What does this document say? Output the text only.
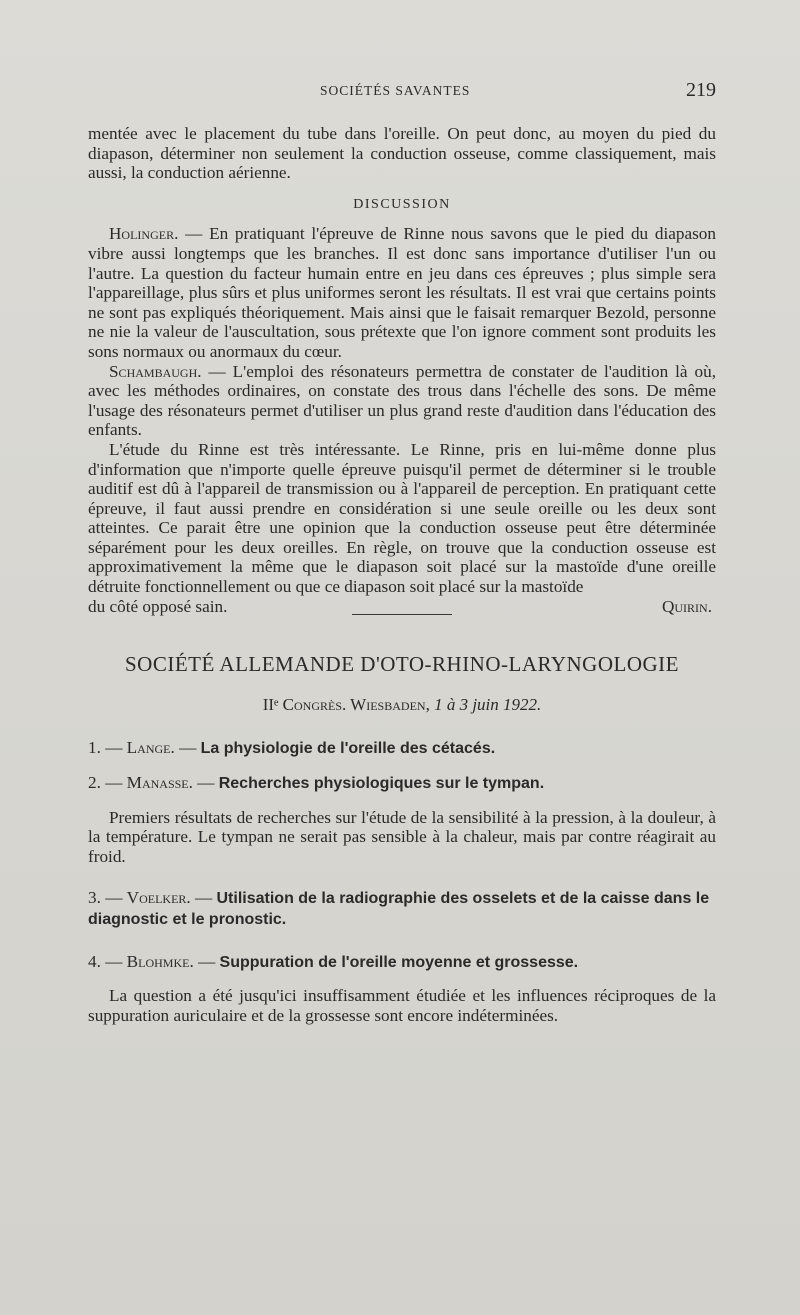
SOCIÉTÉS SAVANTES	219

mentée avec le placement du tube dans l'oreille. On peut donc, au moyen du pied du diapason, déterminer non seulement la conduction osseuse, comme classiquement, mais aussi, la conduction aérienne.

DISCUSSION

Holinger. — En pratiquant l'épreuve de Rinne nous savons que le pied du diapason vibre aussi longtemps que les branches. Il est donc sans importance d'utiliser l'un ou l'autre. La question du facteur humain entre en jeu dans ces épreuves ; plus simple sera l'appareillage, plus sûrs et plus uniformes seront les résultats. Il est vrai que certains points ne sont pas expliqués théoriquement. Mais ainsi que le faisait remarquer Bezold, personne ne nie la valeur de l'auscultation, sous prétexte que l'on ignore comment sont produits les sons normaux ou anormaux du cœur.

Schambaugh. — L'emploi des résonateurs permettra de constater de l'audition là où, avec les méthodes ordinaires, on constate des trous dans l'échelle des sons. De même l'usage des résonateurs permet d'utiliser un plus grand reste d'audition dans l'éducation des enfants.

L'étude du Rinne est très intéressante. Le Rinne, pris en lui-même donne plus d'information que n'importe quelle épreuve puisqu'il permet de déterminer si le trouble auditif est dû à l'appareil de transmission ou à l'appareil de perception. En pratiquant cette épreuve, il faut aussi prendre en considération si une seule oreille ou les deux sont atteintes. Ce parait être une opinion que la conduction osseuse peut être déterminée séparément pour les deux oreilles. En règle, on trouve que la conduction osseuse est approximativement la même que le diapason soit placé sur la mastoïde d'une oreille détruite fonctionnellement ou que ce diapason soit placé sur la mastoïde

du côté opposé sain.	Quirin.

SOCIÉTÉ ALLEMANDE D'OTO-RHINO-LARYNGOLOGIE

IIᵉ Congrès. Wiesbaden, 1 à 3 juin 1922.

1. — Lange. — La physiologie de l'oreille des cétacés.

2. — Manasse. — Recherches physiologiques sur le tympan.

Premiers résultats de recherches sur l'étude de la sensibilité à la pression, à la douleur, à la température. Le tympan ne serait pas sensible à la chaleur, mais par contre réagirait au froid.

3. — Voelker. — Utilisation de la radiographie des osselets et de la caisse dans le diagnostic et le pronostic.

4. — Blohmke. — Suppuration de l'oreille moyenne et grossesse.

La question a été jusqu'ici insuffisamment étudiée et les influences réciproques de la suppuration auriculaire et de la grossesse sont encore indéterminées.
